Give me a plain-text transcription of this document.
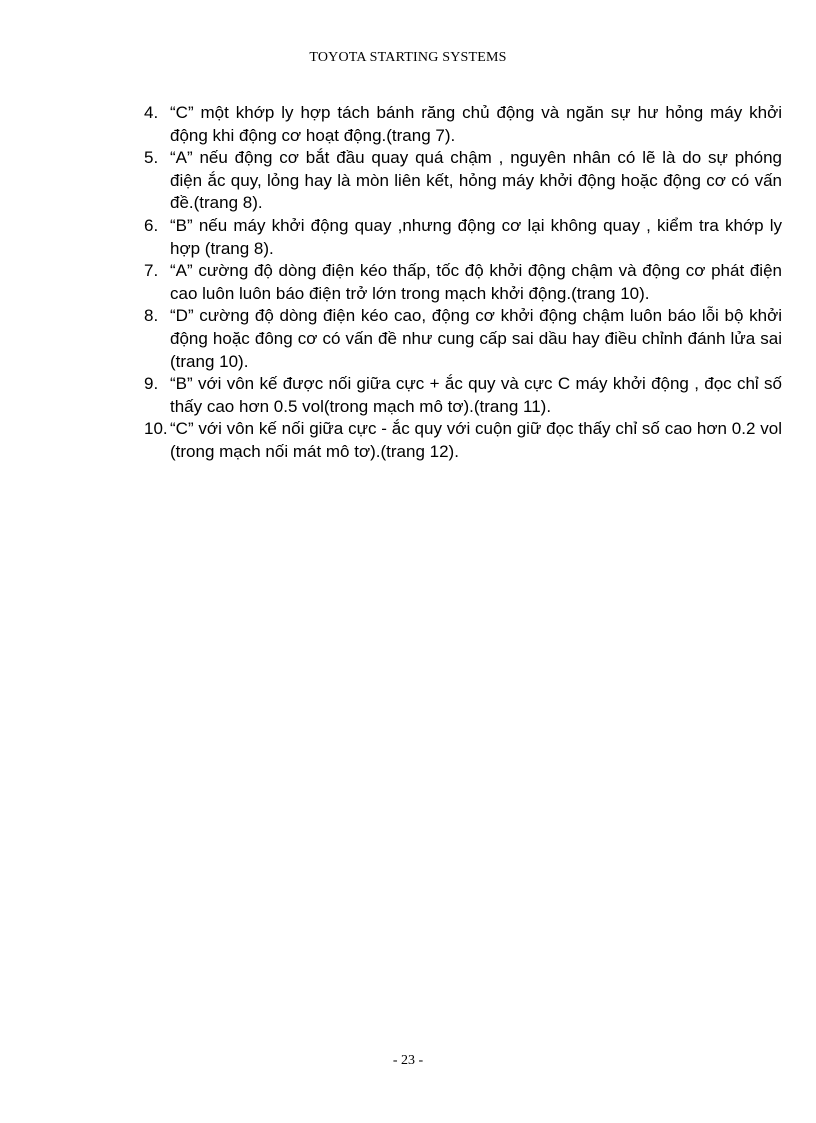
TOYOTA STARTING SYSTEMS
4. “C” một khớp ly hợp tách bánh răng chủ động và ngăn sự hư hỏng máy khởi động khi động cơ hoạt động.(trang 7).
5. “A” nếu động cơ bắt đầu quay quá chậm , nguyên nhân có lẽ là do sự phóng điện ắc quy, lỏng hay là mòn liên kết, hỏng máy khởi động hoặc động cơ có vấn đề.(trang 8).
6. “B” nếu máy khởi động quay ,nhưng động cơ lại không quay , kiểm tra khớp ly hợp (trang 8).
7. “A” cường độ dòng điện kéo thấp, tốc độ khởi động chậm và động cơ phát điện cao luôn luôn báo điện trở lớn trong mạch khởi động.(trang 10).
8. “D” cường độ dòng điện kéo cao, động cơ khởi động chậm luôn báo lỗi bộ khởi động hoặc đông cơ có vấn đề như cung cấp sai dầu hay điều chỉnh đánh lửa sai (trang 10).
9. “B” với vôn kế được nối giữa cực + ắc quy và cực C máy khởi động , đọc chỉ số thấy cao hơn 0.5 vol(trong mạch mô tơ).(trang 11).
10. “C” với vôn kế nối giữa cực - ắc quy với cuộn giữ đọc thấy chỉ số cao hơn 0.2 vol (trong mạch nối mát mô tơ).(trang 12).
- 23 -
